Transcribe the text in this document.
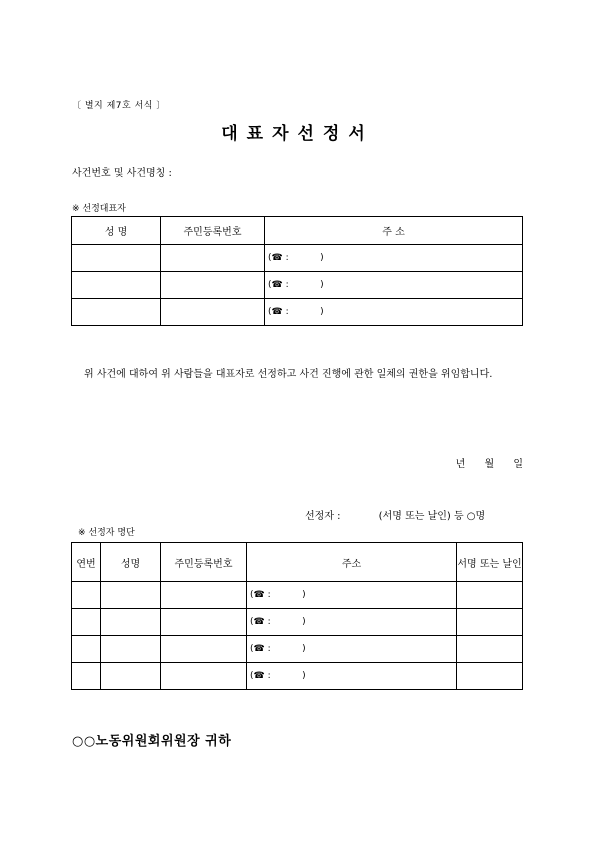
〔 별지 제7호 서식 〕
대표자선정서
사건번호 및 사건명칭 :
※ 선정대표자
성 명	주민등록번호	주 소
		(☎ :           )
		(☎ :           )
		(☎ :           )
위 사건에 대하여 위 사람들을 대표자로 선정하고 사건 진행에 관한 일체의 권한을 위임합니다.
년 월 일
선정자 :            (서명 또는 날인) 등 ○명
※ 선정자 명단
연번	성명	주민등록번호	주소	서명 또는 날인
			(☎ :           )	
			(☎ :           )	
			(☎ :           )	
			(☎ :           )	
○○노동위원회위원장 귀하
